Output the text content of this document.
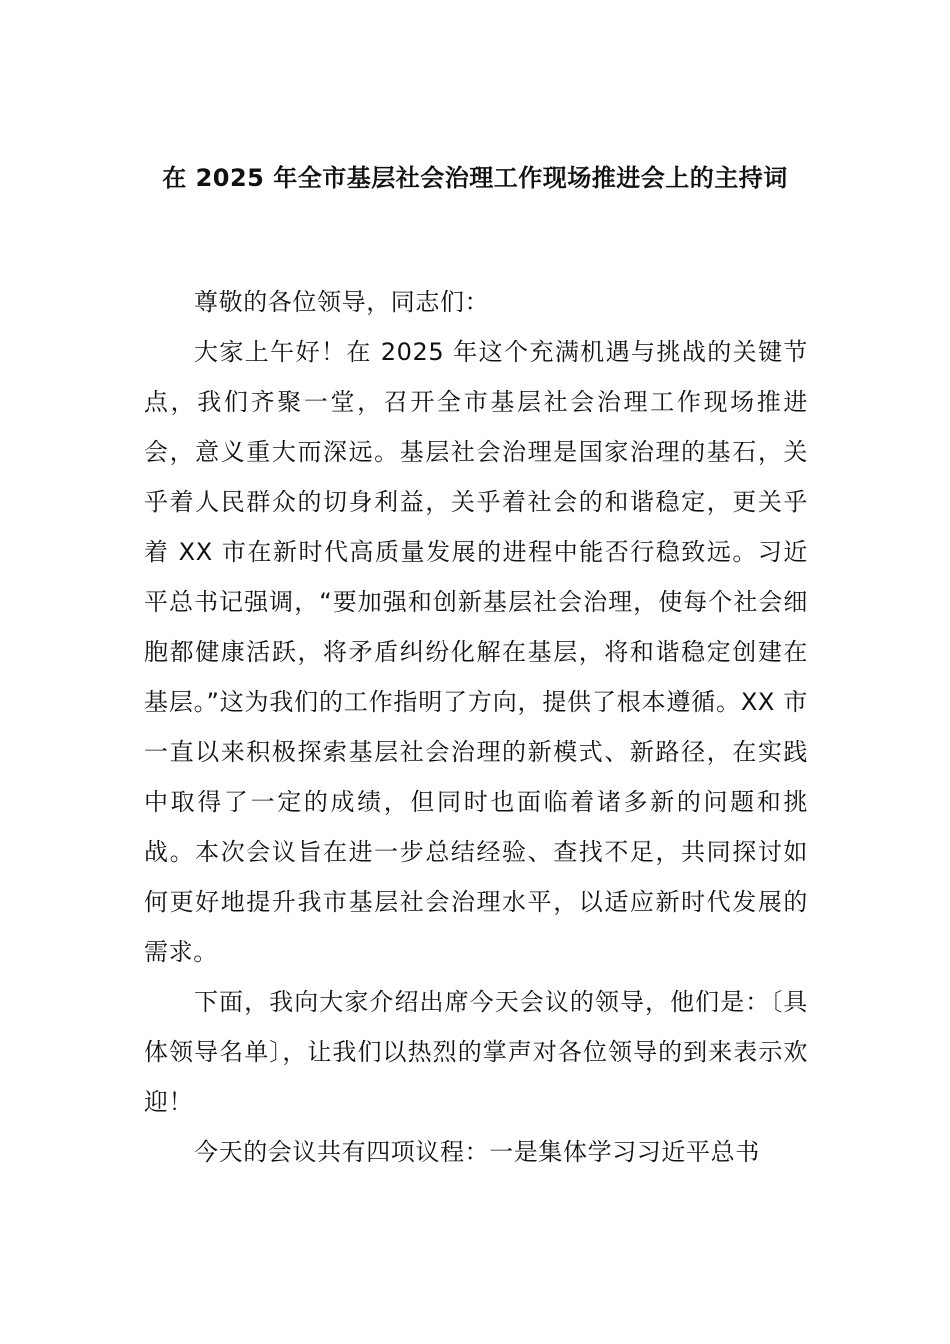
在 2025 年全市基层社会治理工作现场推进会上的主持词

尊敬的各位领导，同志们：

大家上午好！在 2025 年这个充满机遇与挑战的关键节点，我们齐聚一堂，召开全市基层社会治理工作现场推进会，意义重大而深远。基层社会治理是国家治理的基石，关乎着人民群众的切身利益，关乎着社会的和谐稳定，更关乎着 XX 市在新时代高质量发展的进程中能否行稳致远。习近平总书记强调，“要加强和创新基层社会治理，使每个社会细胞都健康活跃，将矛盾纠纷化解在基层，将和谐稳定创建在基层。”这为我们的工作指明了方向，提供了根本遵循。XX 市一直以来积极探索基层社会治理的新模式、新路径，在实践中取得了一定的成绩，但同时也面临着诸多新的问题和挑战。本次会议旨在进一步总结经验、查找不足，共同探讨如何更好地提升我市基层社会治理水平，以适应新时代发展的需求。

下面，我向大家介绍出席今天会议的领导，他们是：〔具体领导名单〕，让我们以热烈的掌声对各位领导的到来表示欢迎！

今天的会议共有四项议程：一是集体学习习近平总书
